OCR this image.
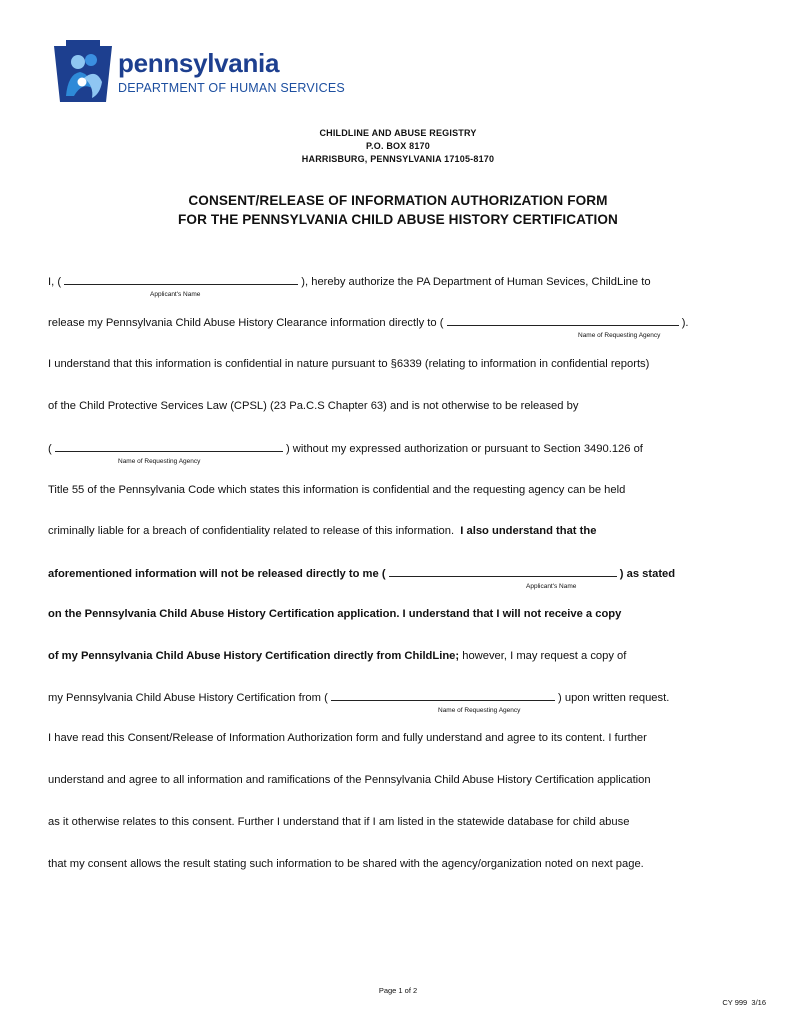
pennsylvania
DEPARTMENT OF HUMAN SERVICES
CHILDLINE AND ABUSE REGISTRY
P.O. BOX 8170
HARRISBURG, PENNSYLVANIA 17105-8170
CONSENT/RELEASE OF INFORMATION AUTHORIZATION FORM
FOR THE PENNSYLVANIA CHILD ABUSE HISTORY CERTIFICATION
I, (	), hereby authorize the PA Department of Human Sevices, ChildLine to
Applicant's Name
release my Pennsylvania Child Abuse History Clearance information directly to (	).
Name of Requesting Agency
I understand that this information is confidential in nature pursuant to §6339 (relating to information in confidential reports)
of the Child Protective Services Law (CPSL) (23 Pa.C.S Chapter 63) and is not otherwise to be released by
(	) without my expressed authorization or pursuant to Section 3490.126 of
Name of Requesting Agency
Title 55 of the Pennsylvania Code which states this information is confidential and the requesting agency can be held
criminally liable for a breach of confidentiality related to release of this information.  I also understand that the
aforementioned information will not be released directly to me (	) as stated
Applicant's Name
on the Pennsylvania Child Abuse History Certification application. I understand that I will not receive a copy
of my Pennsylvania Child Abuse History Certification directly from ChildLine; however, I may request a copy of
my Pennsylvania Child Abuse History Certification from (	) upon written request.
Name of Requesting Agency
I have read this Consent/Release of Information Authorization form and fully understand and agree to its content. I further
understand and agree to all information and ramifications of the Pennsylvania Child Abuse History Certification application
as it otherwise relates to this consent. Further I understand that if I am listed in the statewide database for child abuse
that my consent allows the result stating such information to be shared with the agency/organization noted on next page.
Page 1 of 2
CY 999  3/16
